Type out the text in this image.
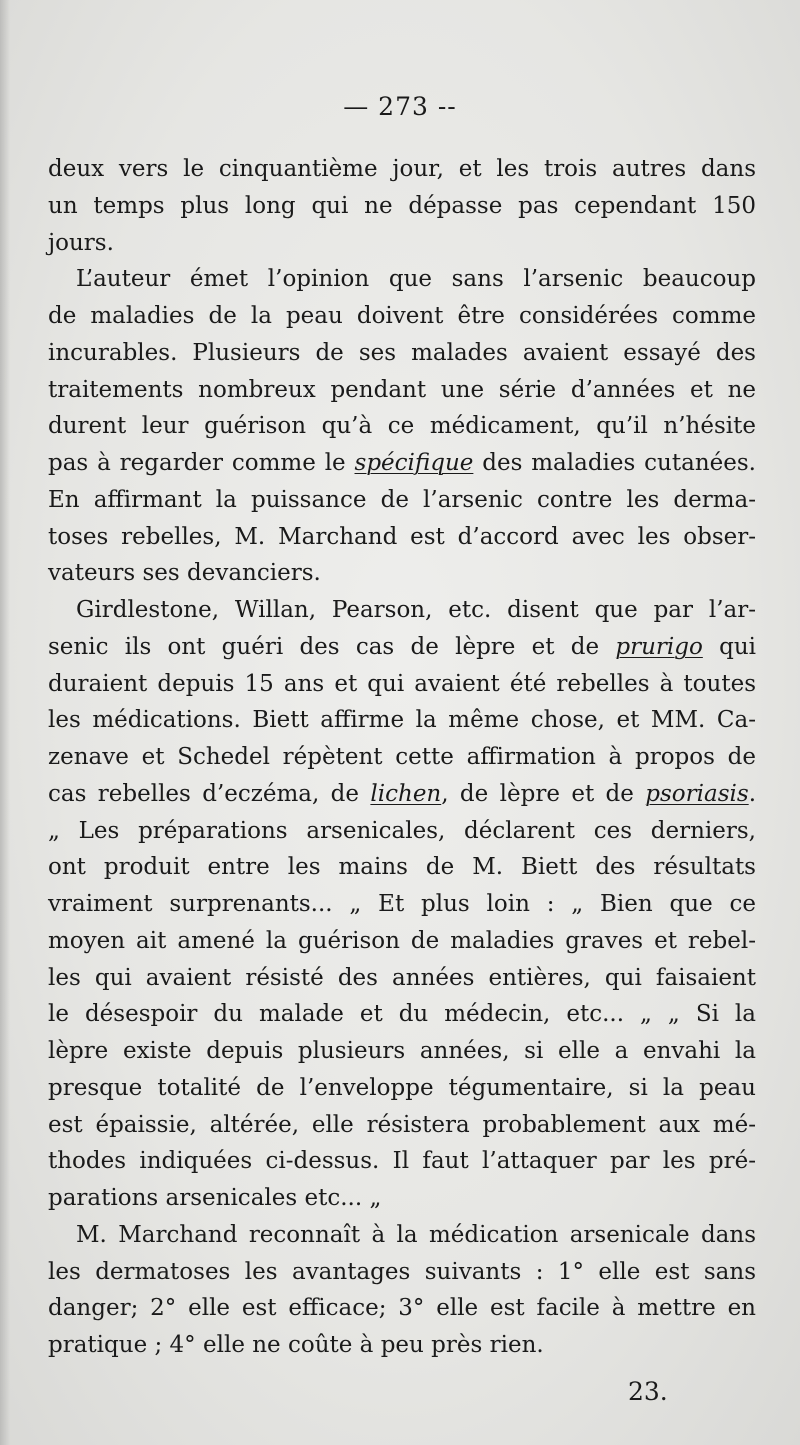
— 273 --
deux vers le cinquantième jour, et les trois autres dans
un temps plus long qui ne dépasse pas cependant 150
jours.
L’auteur émet l’opinion que sans l’arsenic beaucoup
de maladies de la peau doivent être considérées comme
incurables. Plusieurs de ses malades avaient essayé des
traitements nombreux pendant une série d’années et ne
durent leur guérison qu’à ce médicament, qu’il n’hésite
pas à regarder comme le spécifique des maladies cutanées.
En affirmant la puissance de l’arsenic contre les derma-
toses rebelles, M. Marchand est d’accord avec les obser-
vateurs ses devanciers.
Girdlestone, Willan, Pearson, etc. disent que par l’ar-
senic ils ont guéri des cas de lèpre et de prurigo qui
duraient depuis 15 ans et qui avaient été rebelles à toutes
les médications. Biett affirme la même chose, et MM. Ca-
zenave et Schedel répètent cette affirmation à propos de
cas rebelles d’eczéma, de lichen, de lèpre et de psoriasis.
„ Les préparations arsenicales, déclarent ces derniers,
ont produit entre les mains de M. Biett des résultats
vraiment surprenants... „ Et plus loin : „ Bien que ce
moyen ait amené la guérison de maladies graves et rebel-
les qui avaient résisté des années entières, qui faisaient
le désespoir du malade et du médecin, etc... „ „ Si la
lèpre existe depuis plusieurs années, si elle a envahi la
presque totalité de l’enveloppe tégumentaire, si la peau
est épaissie, altérée, elle résistera probablement aux mé-
thodes indiquées ci-dessus. Il faut l’attaquer par les pré-
parations arsenicales etc... „
M. Marchand reconnaît à la médication arsenicale dans
les dermatoses les avantages suivants : 1° elle est sans
danger; 2° elle est efficace; 3° elle est facile à mettre en
pratique ; 4° elle ne coûte à peu près rien.
23.
